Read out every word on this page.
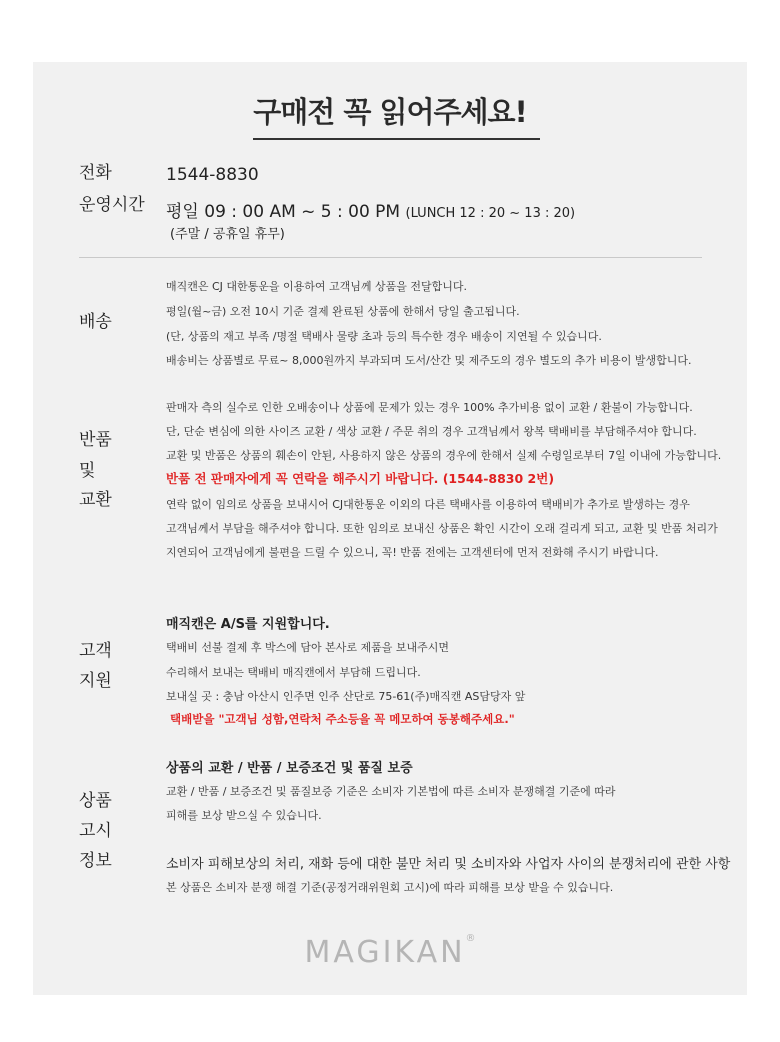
구매전 꼭 읽어주세요!
전화	1544-8830
운영시간 평일 09 : 00 AM ~ 5 : 00 PM (LUNCH 12 : 20 ~ 13 : 20)
(주말 / 공휴일 휴무)
배송
매직캔은 CJ 대한통운을 이용하여 고객님께 상품을 전달합니다.
평일(월~금) 오전 10시 기준 결제 완료된 상품에 한해서 당일 출고됩니다.
(단, 상품의 재고 부족 /명절 택배사 물량 초과 등의 특수한 경우 배송이 지연될 수 있습니다.
배송비는 상품별로 무료~ 8,000원까지 부과되며 도서/산간 및 제주도의 경우 별도의 추가 비용이 발생합니다.
반품
및
교환
판매자 측의 실수로 인한 오배송이나 상품에 문제가 있는 경우 100% 추가비용 없이 교환 / 환불이 가능합니다.
단, 단순 변심에 의한 사이즈 교환 / 색상 교환 / 주문 취의 경우 고객님께서 왕복 택배비를 부담해주셔야 합니다.
교환 및 반품은 상품의 훼손이 안된, 사용하지 않은 상품의 경우에 한해서 실제 수령일로부터 7일 이내에 가능합니다.
반품 전 판매자에게 꼭 연락을 해주시기 바랍니다. (1544-8830 2번)
연락 없이 임의로 상품을 보내시어 CJ대한통운 이외의 다른 택배사를 이용하여 택배비가 추가로 발생하는 경우
고객님께서 부담을 해주셔야 합니다. 또한 임의로 보내신 상품은 확인 시간이 오래 걸리게 되고, 교환 및 반품 처리가
지연되어 고객님에게 불편을 드릴 수 있으니, 꼭! 반품 전에는 고객센터에 먼저 전화해 주시기 바랍니다.
고객
지원
매직캔은 A/S를 지원합니다.
택배비 선불 결제 후 박스에 담아 본사로 제품을 보내주시면
수리해서 보내는 택배비 매직캔에서 부담해 드립니다.
보내실 곳 : 충남 아산시 인주면 인주 산단로 75-61(주)매직캔 AS담당자 앞
택배받을 "고객님 성함,연락처 주소등을 꼭 메모하여 동봉해주세요."
상품
고시
정보
상품의 교환 / 반품 / 보증조건 및 품질 보증
교환 / 반품 / 보증조건 및 품질보증 기준은 소비자 기본법에 따른 소비자 분쟁해결 기준에 따라
피해를 보상 받으실 수 있습니다.
소비자 피해보상의 처리, 재화 등에 대한 불만 처리 및 소비자와 사업자 사이의 분쟁처리에 관한 사항
본 상품은 소비자 분쟁 해결 기준(공정거래위원회 고시)에 따라 피해를 보상 받을 수 있습니다.
MAGIKAN®
